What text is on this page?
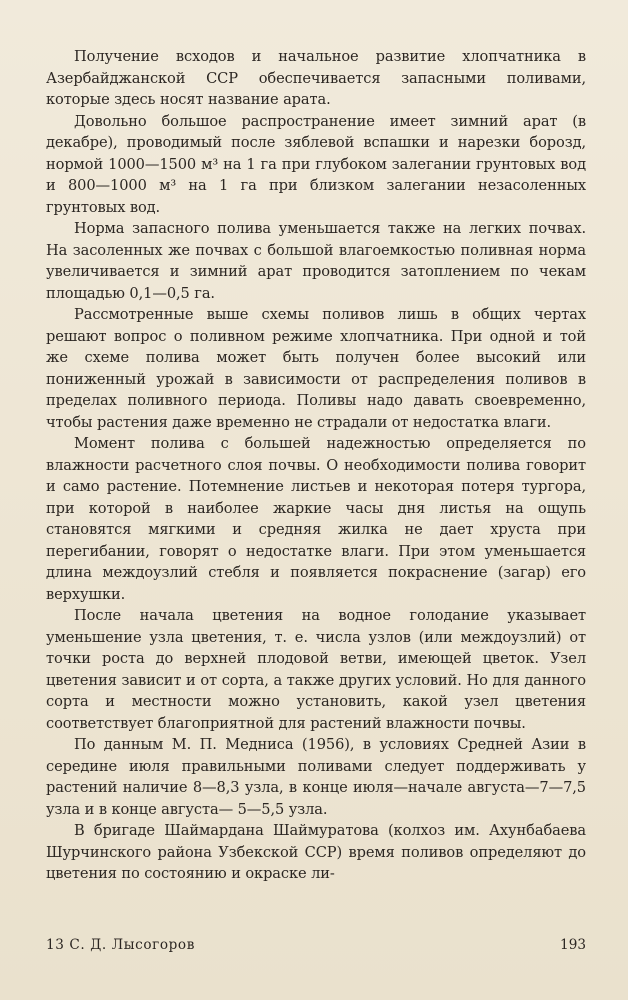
Получение всходов и начальное развитие хлопчатника в Азербайджанской ССР обеспечивается запасными поливами, которые здесь носят название арата.

Довольно большое распространение имеет зимний арат (в декабре), проводимый после зяблевой вспашки и нарезки борозд, нормой 1000—1500 м³ на 1 га при глубоком залегании грунтовых вод и 800—1000 м³ на 1 га при близком залегании незасоленных грунтовых вод.

Норма запасного полива уменьшается также на легких почвах. На засоленных же почвах с большой влагоемкостью поливная норма увеличивается и зимний арат проводится затоплением по чекам площадью 0,1—0,5 га.

Рассмотренные выше схемы поливов лишь в общих чертах решают вопрос о поливном режиме хлопчатника. При одной и той же схеме полива может быть получен более высокий или пониженный урожай в зависимости от распределения поливов в пределах поливного периода. Поливы надо давать своевременно, чтобы растения даже временно не страдали от недостатка влаги.

Момент полива с большей надежностью определяется по влажности расчетного слоя почвы. О необходимости полива говорит и само растение. Потемнение листьев и некоторая потеря тургора, при которой в наиболее жаркие часы дня листья на ощупь становятся мягкими и средняя жилка не дает хруста при перегибании, говорят о недостатке влаги. При этом уменьшается длина междоузлий стебля и появляется покраснение (загар) его верхушки.

После начала цветения на водное голодание указывает уменьшение узла цветения, т. е. числа узлов (или междоузлий) от точки роста до верхней плодовой ветви, имеющей цветок. Узел цветения зависит и от сорта, а также других условий. Но для данного сорта и местности можно установить, какой узел цветения соответствует благоприятной для растений влажности почвы.

По данным М. П. Меднисa (1956), в условиях Средней Азии в середине июля правильными поливами следует поддерживать у растений наличие 8—8,3 узла, в конце июля—начале августа—7—7,5 узла и в конце августа— 5—5,5 узла.

В бригаде Шаймардана Шаймуратова (колхоз им. Ахунбабаева Шурчинского района Узбекской ССР) время поливов определяют до цветения по состоянию и окраске ли-

13 С. Д. Лысогоров	193
